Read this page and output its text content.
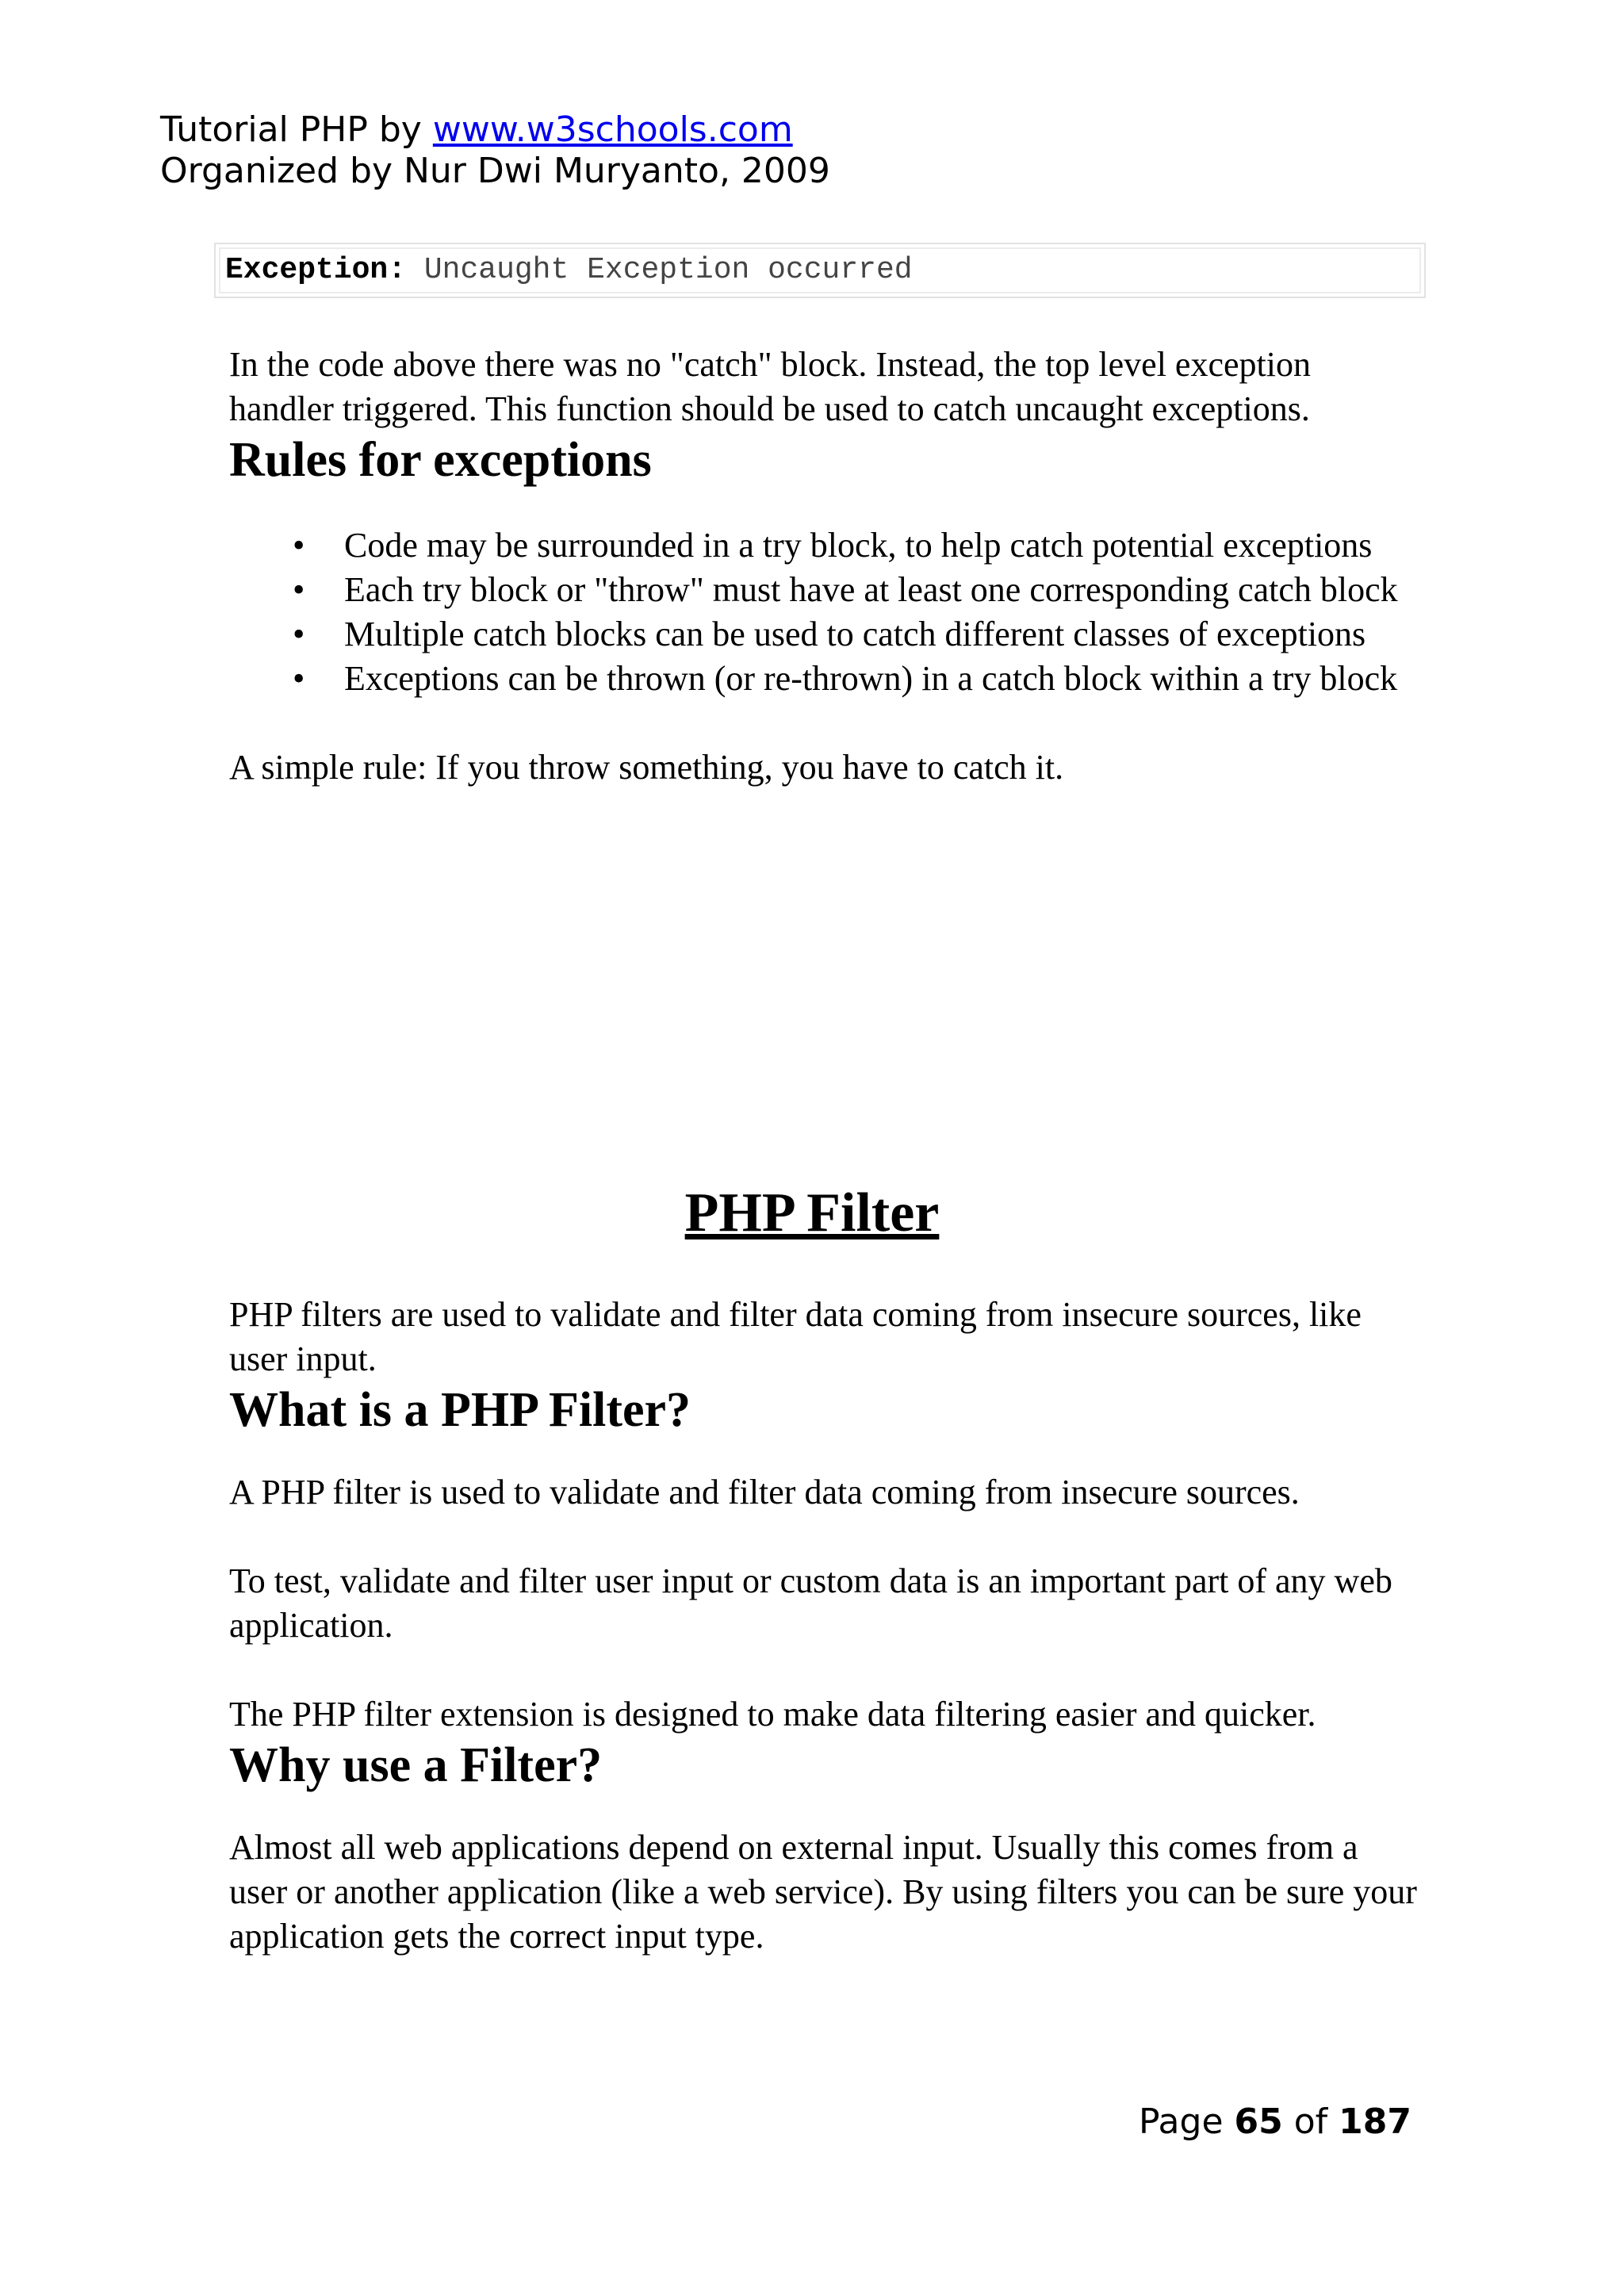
Tutorial PHP by www.w3schools.com
Organized by Nur Dwi Muryanto, 2009
Exception: Uncaught Exception occurred

In the code above there was no "catch" block. Instead, the top level exception handler triggered. This function should be used to catch uncaught exceptions.

Rules for exceptions
• Code may be surrounded in a try block, to help catch potential exceptions
• Each try block or "throw" must have at least one corresponding catch block
• Multiple catch blocks can be used to catch different classes of exceptions
• Exceptions can be thrown (or re-thrown) in a catch block within a try block

A simple rule: If you throw something, you have to catch it.

PHP Filter

PHP filters are used to validate and filter data coming from insecure sources, like user input.

What is a PHP Filter?

A PHP filter is used to validate and filter data coming from insecure sources.

To test, validate and filter user input or custom data is an important part of any web application.

The PHP filter extension is designed to make data filtering easier and quicker.

Why use a Filter?

Almost all web applications depend on external input. Usually this comes from a user or another application (like a web service). By using filters you can be sure your application gets the correct input type.

Page 65 of 187
